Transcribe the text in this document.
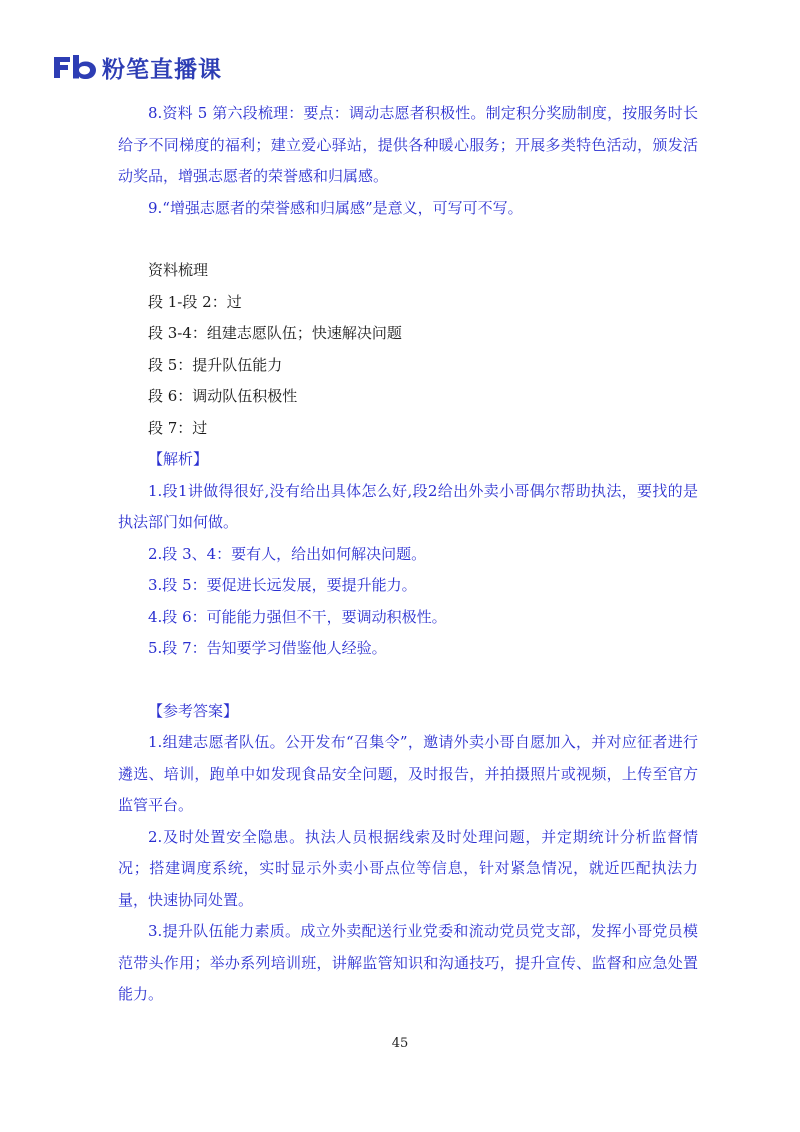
粉笔直播课

8.资料 5 第六段梳理：要点：调动志愿者积极性。制定积分奖励制度，按服务时长给予不同梯度的福利；建立爱心驿站，提供各种暖心服务；开展多类特色活动，颁发活动奖品，增强志愿者的荣誉感和归属感。

9.“增强志愿者的荣誉感和归属感”是意义，可写可不写。

资料梳理

段 1-段 2：过

段 3-4：组建志愿队伍；快速解决问题

段 5：提升队伍能力

段 6：调动队伍积极性

段 7：过

【解析】

1.段1讲做得很好,没有给出具体怎么好,段2给出外卖小哥偶尔帮助执法，要找的是执法部门如何做。

2.段 3、4：要有人，给出如何解决问题。

3.段 5：要促进长远发展，要提升能力。

4.段 6：可能能力强但不干，要调动积极性。

5.段 7：告知要学习借鉴他人经验。

【参考答案】

1.组建志愿者队伍。公开发布“召集令”，邀请外卖小哥自愿加入，并对应征者进行遴选、培训，跑单中如发现食品安全问题，及时报告，并拍摄照片或视频，上传至官方监管平台。

2.及时处置安全隐患。执法人员根据线索及时处理问题，并定期统计分析监督情况；搭建调度系统，实时显示外卖小哥点位等信息，针对紧急情况，就近匹配执法力量，快速协同处置。

3.提升队伍能力素质。成立外卖配送行业党委和流动党员党支部，发挥小哥党员模范带头作用；举办系列培训班，讲解监管知识和沟通技巧，提升宣传、监督和应急处置能力。

45
